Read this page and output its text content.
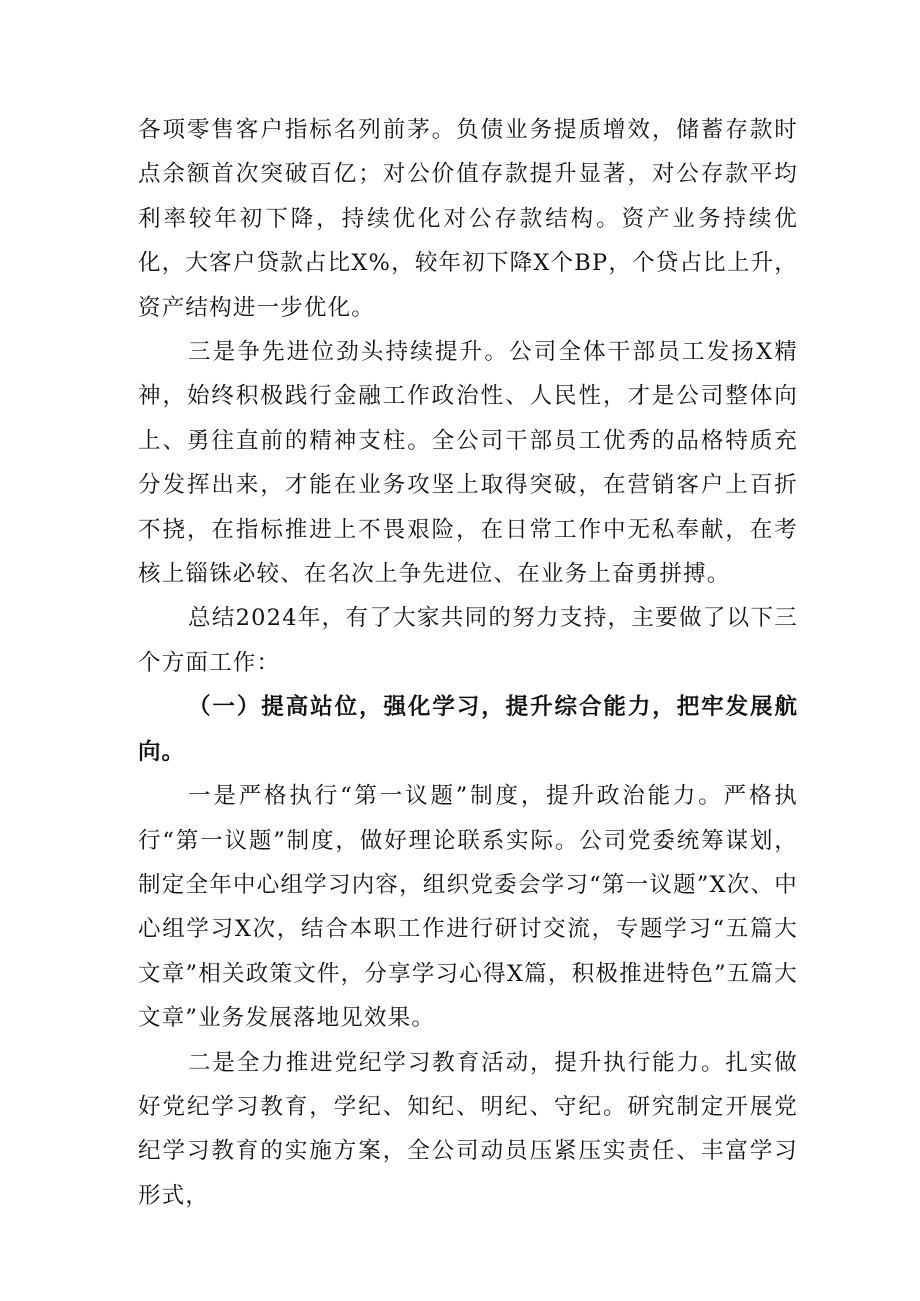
各项零售客户指标名列前茅。负债业务提质增效，储蓄存款时点余额首次突破百亿；对公价值存款提升显著，对公存款平均利率较年初下降，持续优化对公存款结构。资产业务持续优化，大客户贷款占比X%，较年初下降X个BP，个贷占比上升，资产结构进一步优化。

三是争先进位劲头持续提升。公司全体干部员工发扬X精神，始终积极践行金融工作政治性、人民性，才是公司整体向上、勇往直前的精神支柱。全公司干部员工优秀的品格特质充分发挥出来，才能在业务攻坚上取得突破，在营销客户上百折不挠，在指标推进上不畏艰险，在日常工作中无私奉献，在考核上锱铢必较、在名次上争先进位、在业务上奋勇拼搏。

总结2024年，有了大家共同的努力支持，主要做了以下三个方面工作：

（一）提高站位，强化学习，提升综合能力，把牢发展航向。

一是严格执行“第一议题”制度，提升政治能力。严格执行“第一议题”制度，做好理论联系实际。公司党委统筹谋划，制定全年中心组学习内容，组织党委会学习“第一议题”X次、中心组学习X次，结合本职工作进行研讨交流，专题学习“五篇大文章”相关政策文件，分享学习心得X篇，积极推进特色”五篇大文章”业务发展落地见效果。

二是全力推进党纪学习教育活动，提升执行能力。扎实做好党纪学习教育，学纪、知纪、明纪、守纪。研究制定开展党纪学习教育的实施方案，全公司动员压紧压实责任、丰富学习形式，
